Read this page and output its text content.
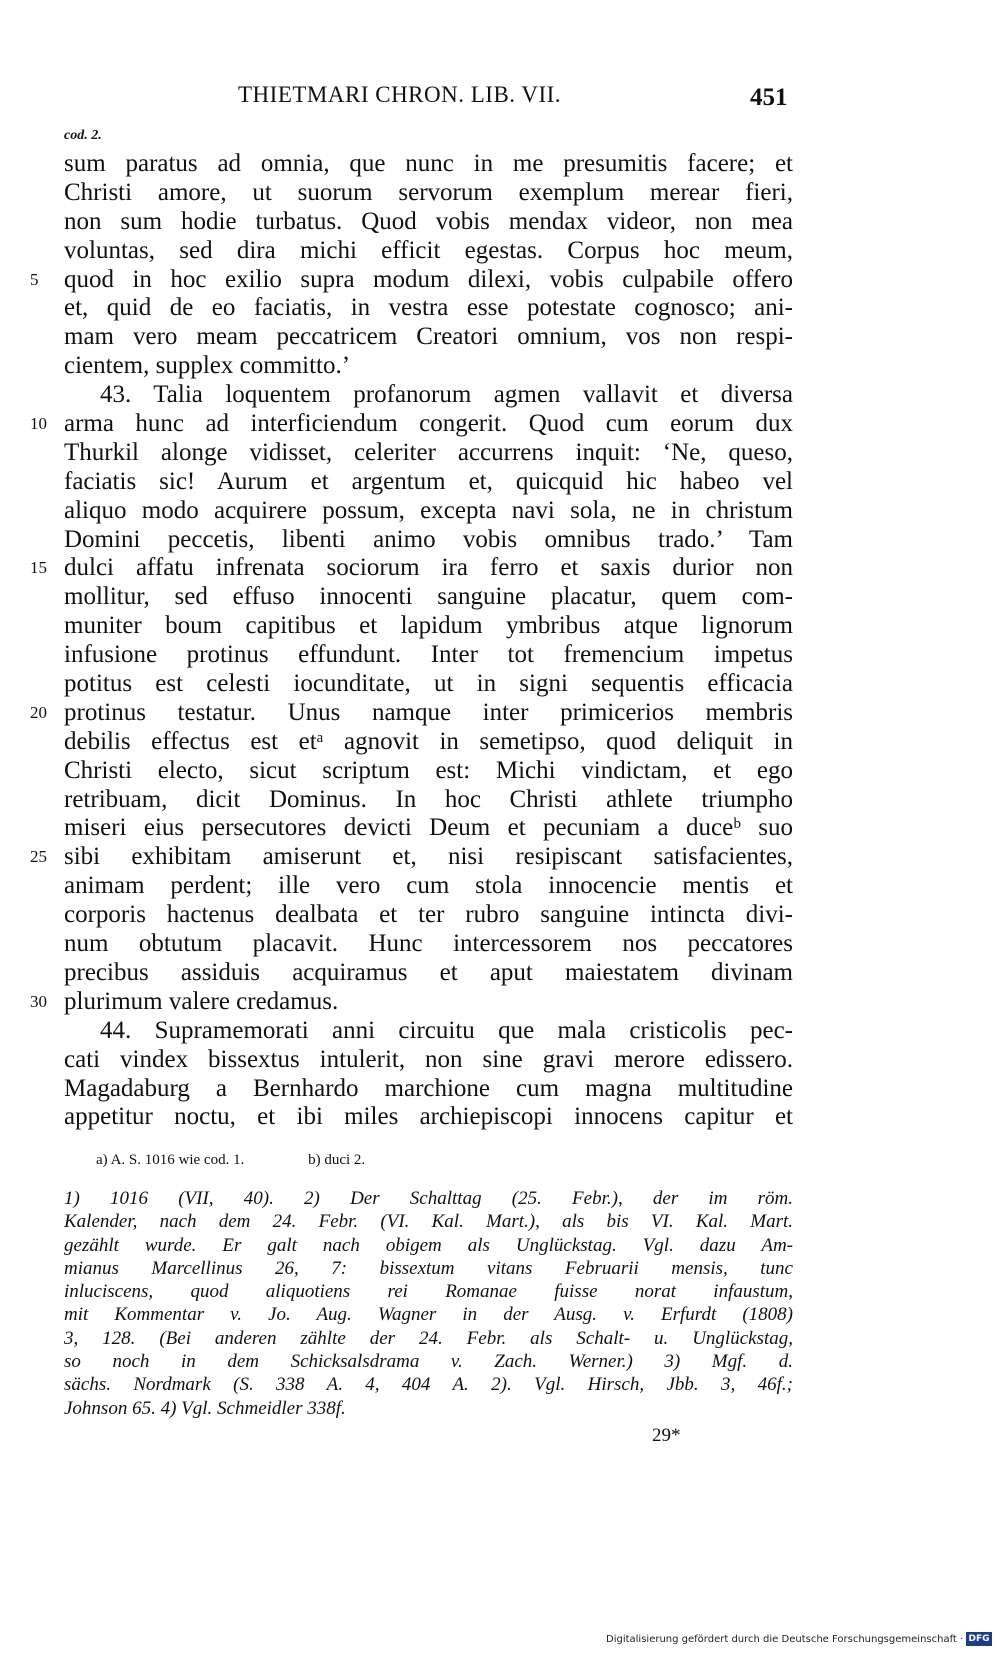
THIETMARI CHRON. LIB. VII.	451
cod. 2.
sum paratus ad omnia, que nunc in me presumitis facere; et
Christi amore, ut suorum servorum exemplum merear fieri,
non sum hodie turbatus. Quod vobis mendax videor, non mea
voluntas, sed dira michi efficit egestas. Corpus hoc meum,
5 quod in hoc exilio supra modum dilexi, vobis culpabile offero
et, quid de eo faciatis, in vestra esse potestate cognosco; ani-
mam vero meam peccatricem Creatori omnium, vos non respi-
cientem, supplex committo.’
43. Talia loquentem profanorum agmen vallavit et diversa
10 arma hunc ad interficiendum congerit. Quod cum eorum dux
Thurkil alonge vidisset, celeriter accurrens inquit: ‘Ne, queso,
faciatis sic! Aurum et argentum et, quicquid hic habeo vel
aliquo modo acquirere possum, excepta navi sola, ne in christum
Domini peccetis, libenti animo vobis omnibus trado.’ Tam
15 dulci affatu infrenata sociorum ira ferro et saxis durior non
mollitur, sed effuso innocenti sanguine placatur, quem com-
muniter boum capitibus et lapidum ymbribus atque lignorum
infusione protinus effundunt. Inter tot fremencium impetus
potitus est celesti iocunditate, ut in signi sequentis efficacia
20 protinus testatur. Unus namque inter primicerios membris
debilis effectus est etᵃ agnovit in semetipso, quod deliquit in
Christi electo, sicut scriptum est: Michi vindictam, et ego
retribuam, dicit Dominus. In hoc Christi athlete triumpho
miseri eius persecutores devicti Deum et pecuniam a duceᵇ suo
25 sibi exhibitam amiserunt et, nisi resipiscant satisfacientes,
animam perdent; ille vero cum stola innocencie mentis et
corporis hactenus dealbata et ter rubro sanguine intincta divi-
num obtutum placavit. Hunc intercessorem nos peccatores
precibus assiduis acquiramus et aput maiestatem divinam
30 plurimum valere credamus.
44. Supramemorati anni circuitu que mala cristicolis pec-
cati vindex bissextus intulerit, non sine gravi merore edissero.
Magadaburg a Bernhardo marchione cum magna multitudine
appetitur noctu, et ibi miles archiepiscopi innocens capitur et
a) A. S. 1016 wie cod. 1.	b) duci 2.
1) 1016 (VII, 40). 2) Der Schalttag (25. Febr.), der im röm.
Kalender, nach dem 24. Febr. (VI. Kal. Mart.), als bis VI. Kal. Mart.
gezählt wurde. Er galt nach obigem als Unglückstag. Vgl. dazu Am-
mianus Marcellinus 26, 7: bissextum vitans Februarii mensis, tunc
inluciscens, quod aliquotiens rei Romanae fuisse norat infaustum,
mit Kommentar v. Jo. Aug. Wagner in der Ausg. v. Erfurdt (1808)
3, 128. (Bei anderen zählte der 24. Febr. als Schalt- u. Unglückstag,
so noch in dem Schicksalsdrama v. Zach. Werner.) 3) Mgf. d.
sächs. Nordmark (S. 338 A. 4, 404 A. 2). Vgl. Hirsch, Jbb. 3, 46f.;
Johnson 65. 4) Vgl. Schmeidler 338f.
29*
Digitalisierung gefördert durch die Deutsche Forschungsgemeinschaft · DFG
